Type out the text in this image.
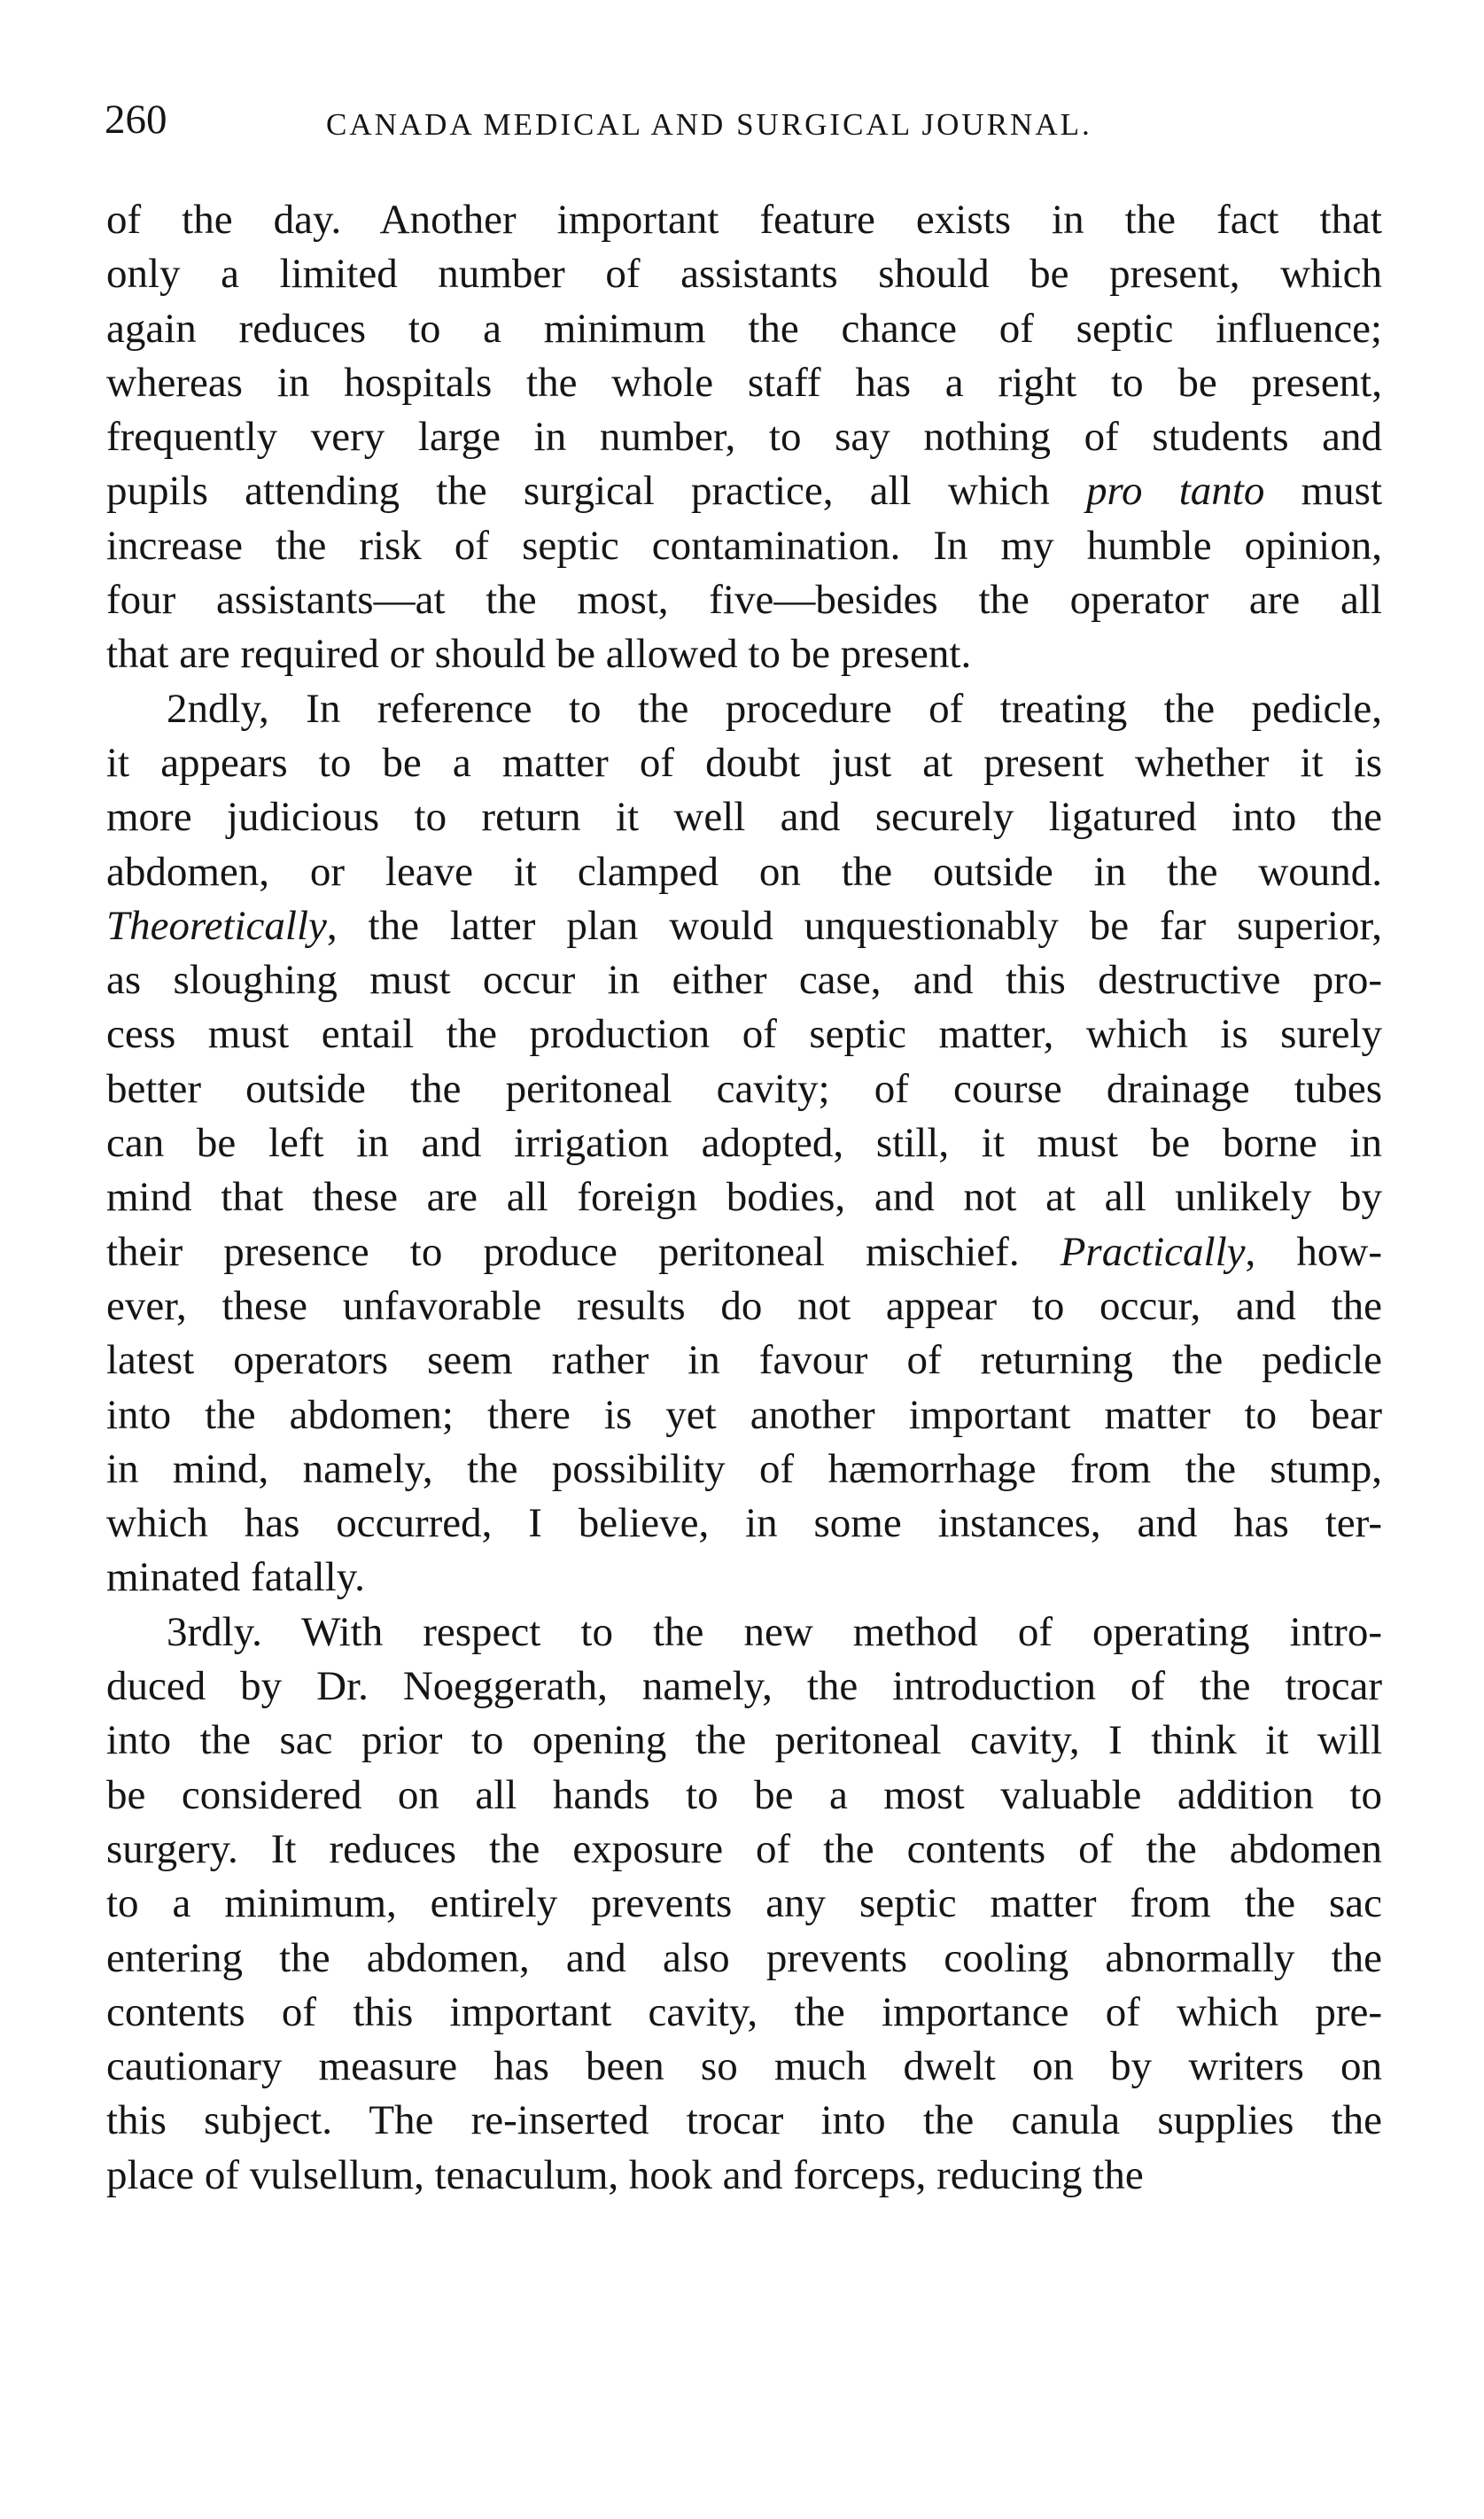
260	CANADA MEDICAL AND SURGICAL JOURNAL.
of the day. Another important feature exists in the fact that
only a limited number of assistants should be present, which
again reduces to a minimum the chance of septic influence;
whereas in hospitals the whole staff has a right to be present,
frequently very large in number, to say nothing of students and
pupils attending the surgical practice, all which pro tanto must
increase the risk of septic contamination. In my humble opinion,
four assistants—at the most, five—besides the operator are all
that are required or should be allowed to be present.
2ndly, In reference to the procedure of treating the pedicle,
it appears to be a matter of doubt just at present whether it is
more judicious to return it well and securely ligatured into the
abdomen, or leave it clamped on the outside in the wound.
Theoretically, the latter plan would unquestionably be far superior,
as sloughing must occur in either case, and this destructive pro-
cess must entail the production of septic matter, which is surely
better outside the peritoneal cavity; of course drainage tubes
can be left in and irrigation adopted, still, it must be borne in
mind that these are all foreign bodies, and not at all unlikely by
their presence to produce peritoneal mischief. Practically, how-
ever, these unfavorable results do not appear to occur, and the
latest operators seem rather in favour of returning the pedicle
into the abdomen; there is yet another important matter to bear
in mind, namely, the possibility of hæmorrhage from the stump,
which has occurred, I believe, in some instances, and has ter-
minated fatally.
3rdly. With respect to the new method of operating intro-
duced by Dr. Noeggerath, namely, the introduction of the trocar
into the sac prior to opening the peritoneal cavity, I think it will
be considered on all hands to be a most valuable addition to
surgery. It reduces the exposure of the contents of the abdomen
to a minimum, entirely prevents any septic matter from the sac
entering the abdomen, and also prevents cooling abnormally the
contents of this important cavity, the importance of which pre-
cautionary measure has been so much dwelt on by writers on
this subject. The re-inserted trocar into the canula supplies the
place of vulsellum, tenaculum, hook and forceps, reducing the
